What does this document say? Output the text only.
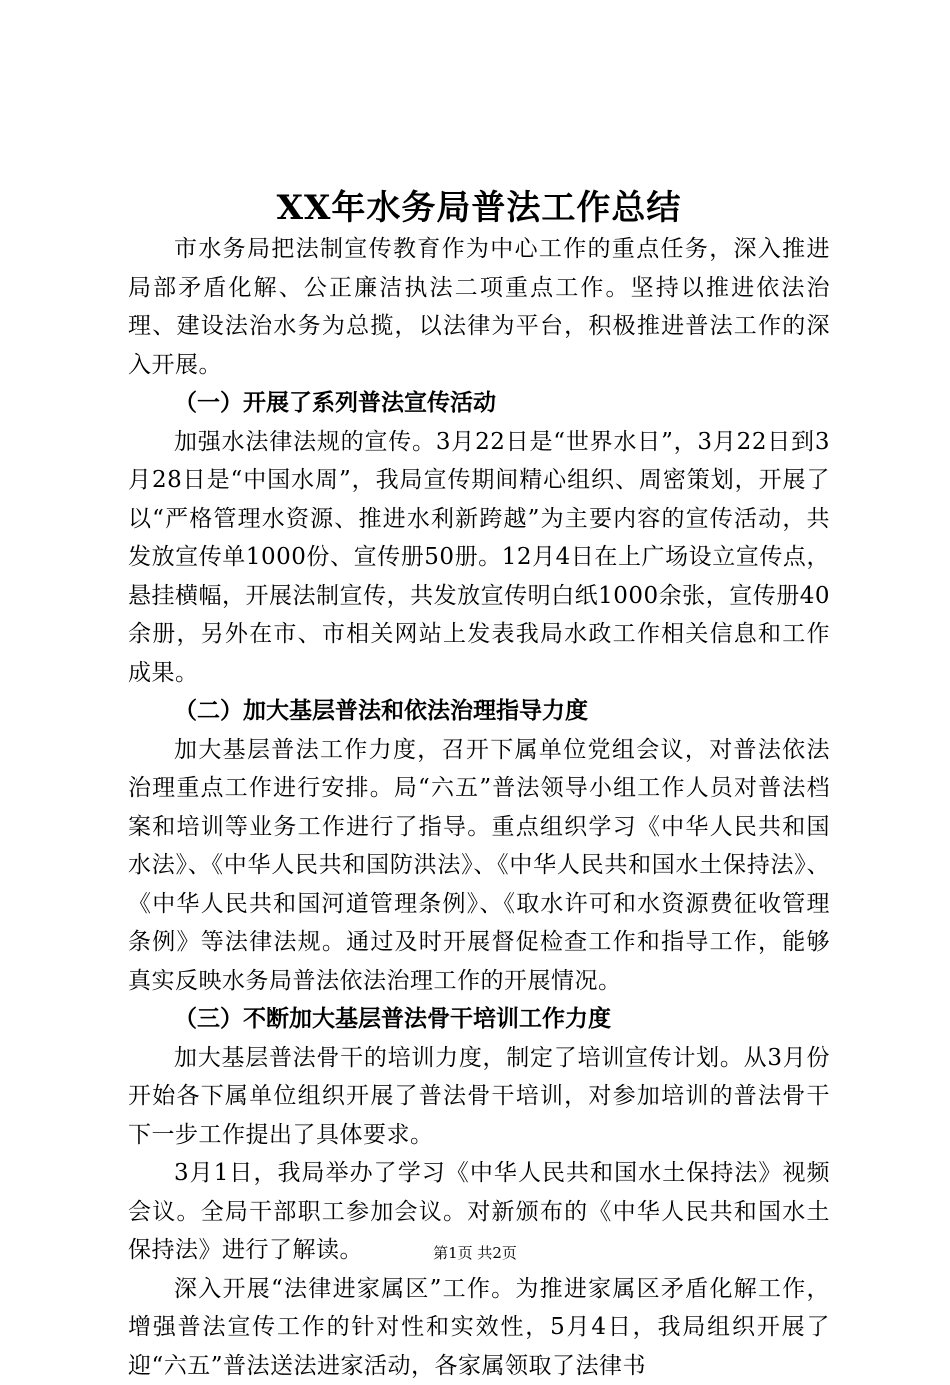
XX年水务局普法工作总结

市水务局把法制宣传教育作为中心工作的重点任务，深入推进局部矛盾化解、公正廉洁执法二项重点工作。坚持以推进依法治理、建设法治水务为总揽，以法律为平台，积极推进普法工作的深入开展。

（一）开展了系列普法宣传活动

加强水法律法规的宣传。3月22日是“世界水日”，3月22日到3月28日是“中国水周”，我局宣传期间精心组织、周密策划，开展了以“严格管理水资源、推进水利新跨越”为主要内容的宣传活动，共发放宣传单1000份、宣传册50册。12月4日在上广场设立宣传点，悬挂横幅，开展法制宣传，共发放宣传明白纸1000余张，宣传册40余册，另外在市、市相关网站上发表我局水政工作相关信息和工作成果。

（二）加大基层普法和依法治理指导力度

加大基层普法工作力度，召开下属单位党组会议，对普法依法治理重点工作进行安排。局“六五”普法领导小组工作人员对普法档案和培训等业务工作进行了指导。重点组织学习《中华人民共和国水法》、《中华人民共和国防洪法》、《中华人民共和国水土保持法》、《中华人民共和国河道管理条例》、《取水许可和水资源费征收管理条例》等法律法规。通过及时开展督促检查工作和指导工作，能够真实反映水务局普法依法治理工作的开展情况。

（三）不断加大基层普法骨干培训工作力度

加大基层普法骨干的培训力度，制定了培训宣传计划。从3月份开始各下属单位组织开展了普法骨干培训，对参加培训的普法骨干下一步工作提出了具体要求。

3月1日，我局举办了学习《中华人民共和国水土保持法》视频会议。全局干部职工参加会议。对新颁布的《中华人民共和国水土保持法》进行了解读。

深入开展“法律进家属区”工作。为推进家属区矛盾化解工作，增强普法宣传工作的针对性和实效性，5月4日，我局组织开展了迎“六五”普法送法进家活动，各家属领取了法律书

第1页 共2页
